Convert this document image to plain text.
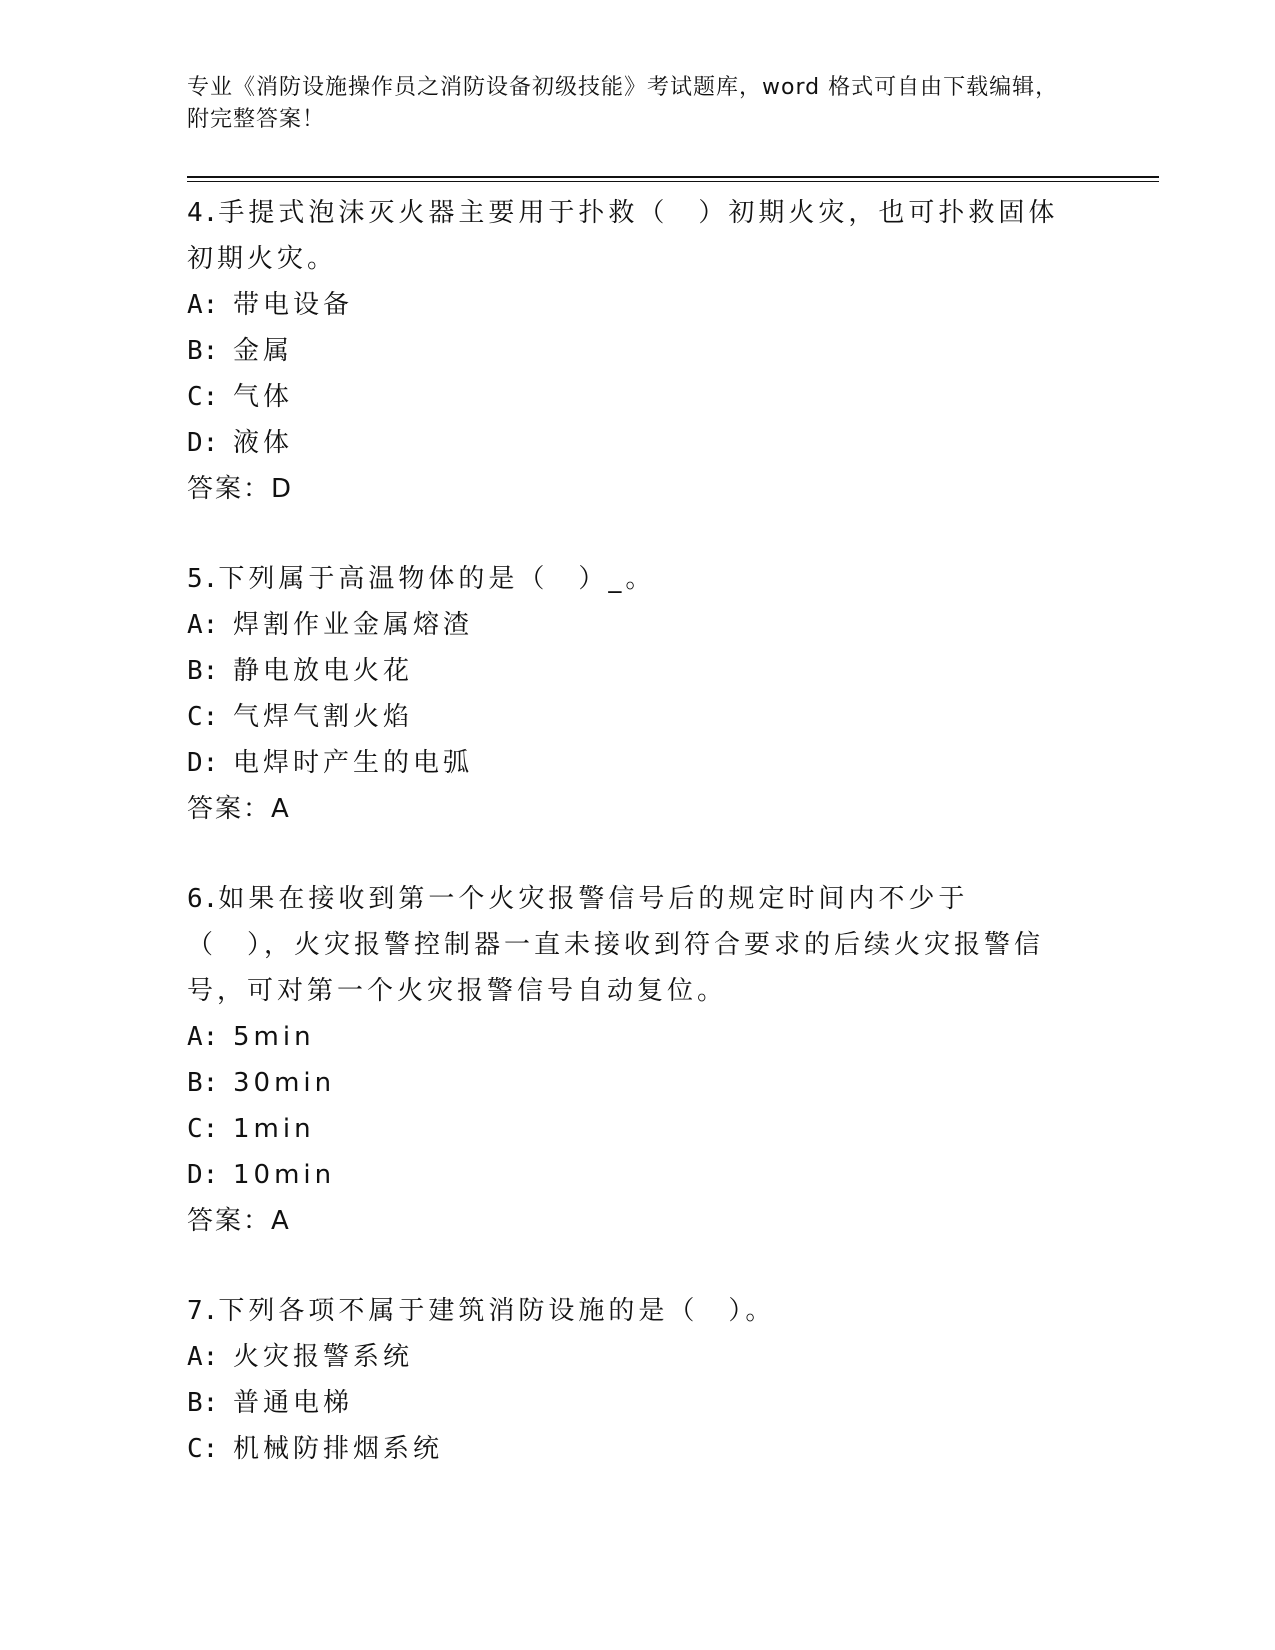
专业《消防设施操作员之消防设备初级技能》考试题库，word 格式可自由下载编辑，附完整答案！
4.手提式泡沫灭火器主要用于扑救（　）初期火灾，也可扑救固体初期火灾。
A: 带电设备
B: 金属
C: 气体
D: 液体
答案：D
5.下列属于高温物体的是（　）_。
A: 焊割作业金属熔渣
B: 静电放电火花
C: 气焊气割火焰
D: 电焊时产生的电弧
答案：A
6.如果在接收到第一个火灾报警信号后的规定时间内不少于（　），火灾报警控制器一直未接收到符合要求的后续火灾报警信号，可对第一个火灾报警信号自动复位。
A: 5min
B: 30min
C: 1min
D: 10min
答案：A
7.下列各项不属于建筑消防设施的是（　）。
A: 火灾报警系统
B: 普通电梯
C: 机械防排烟系统
